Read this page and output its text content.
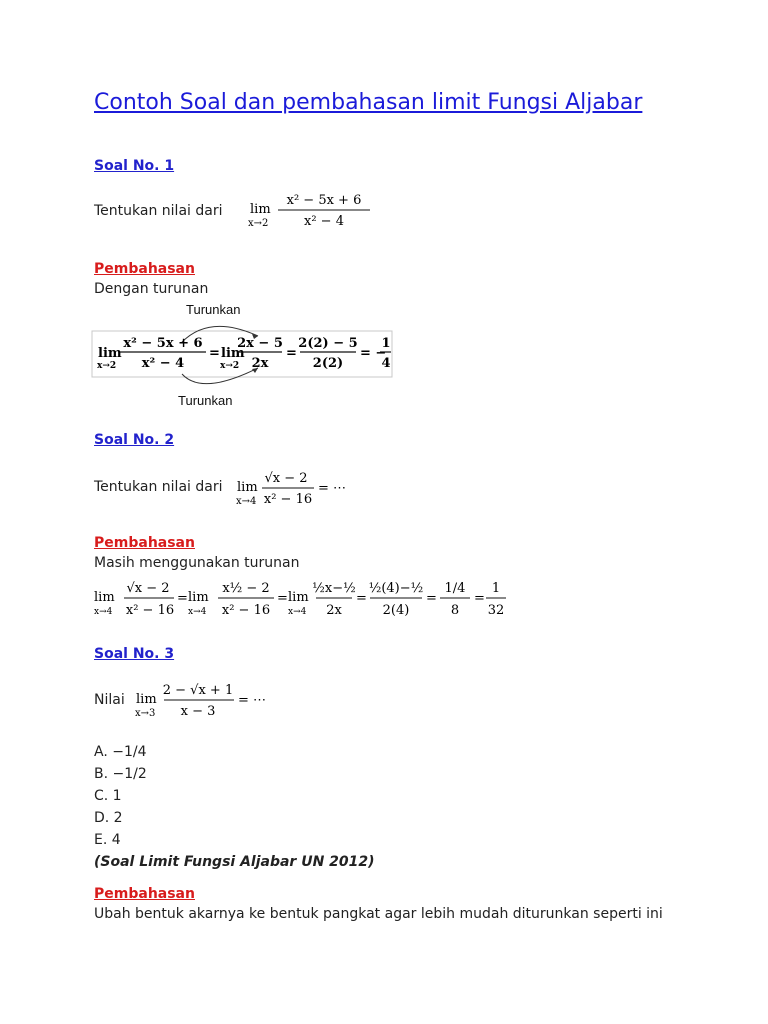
Contoh Soal dan pembahasan limit Fungsi Aljabar
Soal No. 1
Tentukan nilai dari lim
x→2
x² − 5x + 6
x² − 4
Pembahasan
Dengan turunan
Turunkan
Turunkan
lim
x→2
x² − 5x + 6
x² − 4
= lim
x→2
2x − 5
2x
=
2(2) − 5
2(2)
= −
1
4
Soal No. 2
Tentukan nilai dari lim
x→4
√x − 2
x² − 16
= ⋯
Pembahasan
Masih menggunakan turunan
lim
x→4
√x − 2
x² − 16
= lim
x→4
x½ − 2
x² − 16
= lim
x→4
½x−½
2x
=
½(4)−½
2(4)
=
1/4
8
=
1
32
Soal No. 3
Nilai lim
x→3
2 − √x + 1
x − 3
= ⋯
A. −1/4
B. −1/2
C. 1
D. 2
E. 4
(Soal Limit Fungsi Aljabar UN 2012)
Pembahasan
Ubah bentuk akarnya ke bentuk pangkat agar lebih mudah diturunkan seperti ini
